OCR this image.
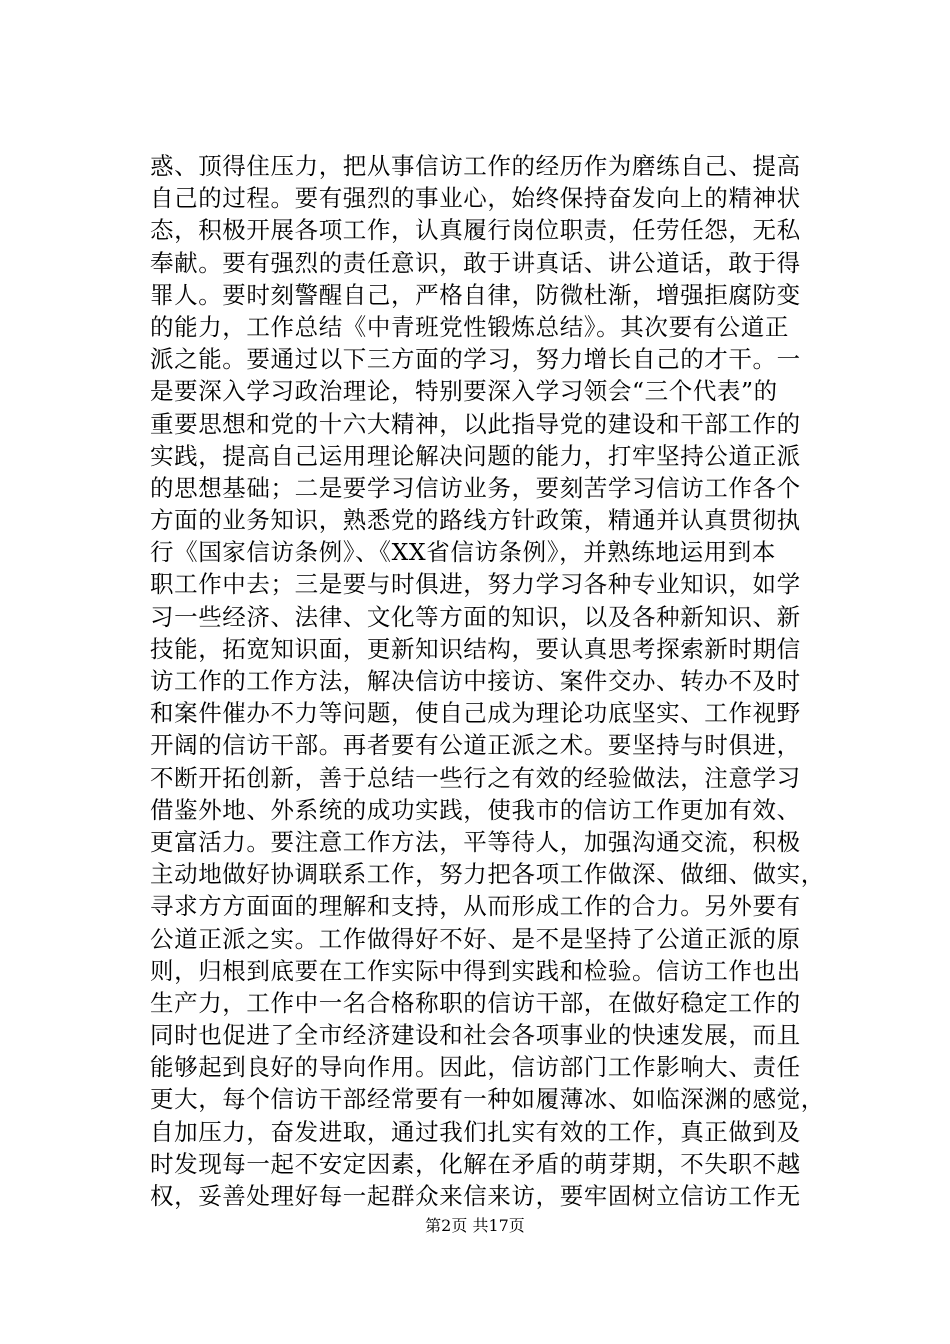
惑、顶得住压力，把从事信访工作的经历作为磨练自己、提高
自己的过程。要有强烈的事业心，始终保持奋发向上的精神状
态，积极开展各项工作，认真履行岗位职责，任劳任怨，无私
奉献。要有强烈的责任意识，敢于讲真话、讲公道话，敢于得
罪人。要时刻警醒自己，严格自律，防微杜渐，增强拒腐防变
的能力，工作总结《中青班党性锻炼总结》。其次要有公道正
派之能。要通过以下三方面的学习，努力增长自己的才干。一
是要深入学习政治理论，特别要深入学习领会“三个代表”的
重要思想和党的十六大精神，以此指导党的建设和干部工作的
实践，提高自己运用理论解决问题的能力，打牢坚持公道正派
的思想基础；二是要学习信访业务，要刻苦学习信访工作各个
方面的业务知识，熟悉党的路线方针政策，精通并认真贯彻执
行《国家信访条例》、《XX省信访条例》，并熟练地运用到本
职工作中去；三是要与时俱进，努力学习各种专业知识，如学
习一些经济、法律、文化等方面的知识，以及各种新知识、新
技能，拓宽知识面，更新知识结构，要认真思考探索新时期信
访工作的工作方法，解决信访中接访、案件交办、转办不及时
和案件催办不力等问题，使自己成为理论功底坚实、工作视野
开阔的信访干部。再者要有公道正派之术。要坚持与时俱进，
不断开拓创新，善于总结一些行之有效的经验做法，注意学习
借鉴外地、外系统的成功实践，使我市的信访工作更加有效、
更富活力。要注意工作方法，平等待人，加强沟通交流，积极
主动地做好协调联系工作，努力把各项工作做深、做细、做实，
寻求方方面面的理解和支持，从而形成工作的合力。另外要有
公道正派之实。工作做得好不好、是不是坚持了公道正派的原
则，归根到底要在工作实际中得到实践和检验。信访工作也出
生产力，工作中一名合格称职的信访干部，在做好稳定工作的
同时也促进了全市经济建设和社会各项事业的快速发展，而且
能够起到良好的导向作用。因此，信访部门工作影响大、责任
更大，每个信访干部经常要有一种如履薄冰、如临深渊的感觉，
自加压力，奋发进取，通过我们扎实有效的工作，真正做到及
时发现每一起不安定因素，化解在矛盾的萌芽期，不失职不越
权，妥善处理好每一起群众来信来访，要牢固树立信访工作无
第2页 共17页
